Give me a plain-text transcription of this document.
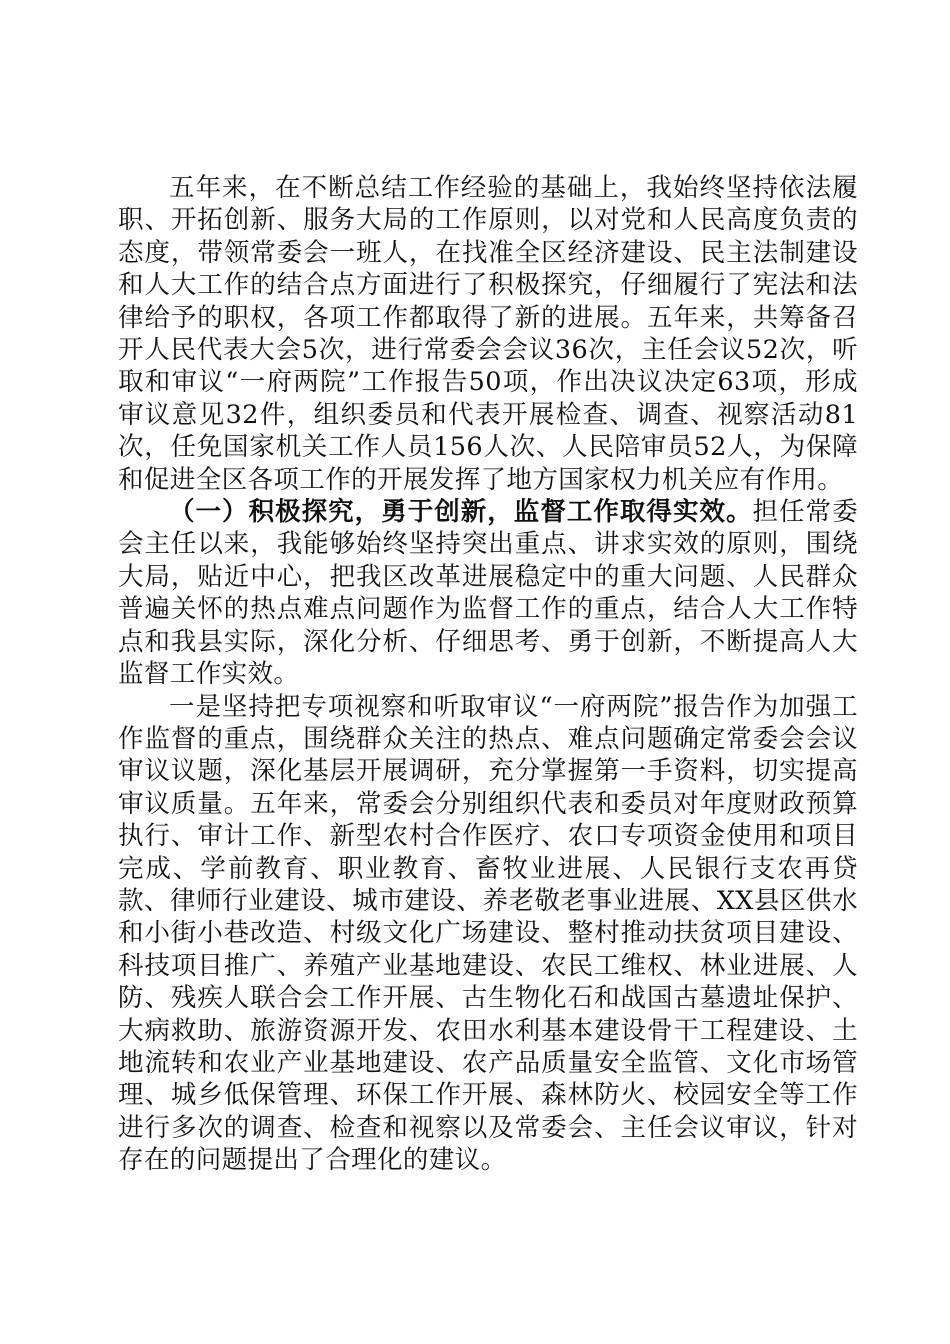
五年来，在不断总结工作经验的基础上，我始终坚持依法履职、开拓创新、服务大局的工作原则，以对党和人民高度负责的态度，带领常委会一班人，在找准全区经济建设、民主法制建设和人大工作的结合点方面进行了积极探究，仔细履行了宪法和法律给予的职权，各项工作都取得了新的进展。五年来，共筹备召开人民代表大会5次，进行常委会会议36次，主任会议52次，听取和审议“一府两院”工作报告50项，作出决议决定63项，形成审议意见32件，组织委员和代表开展检查、调查、视察活动81次，任免国家机关工作人员156人次、人民陪审员52人，为保障和促进全区各项工作的开展发挥了地方国家权力机关应有作用。

（一）积极探究，勇于创新，监督工作取得实效。担任常委会主任以来，我能够始终坚持突出重点、讲求实效的原则，围绕大局，贴近中心，把我区改革进展稳定中的重大问题、人民群众普遍关怀的热点难点问题作为监督工作的重点，结合人大工作特点和我县实际，深化分析、仔细思考、勇于创新，不断提高人大监督工作实效。

一是坚持把专项视察和听取审议“一府两院”报告作为加强工作监督的重点，围绕群众关注的热点、难点问题确定常委会会议审议议题，深化基层开展调研，充分掌握第一手资料，切实提高审议质量。五年来，常委会分别组织代表和委员对年度财政预算执行、审计工作、新型农村合作医疗、农口专项资金使用和项目完成、学前教育、职业教育、畜牧业进展、人民银行支农再贷款、律师行业建设、城市建设、养老敬老事业进展、XX县区供水和小街小巷改造、村级文化广场建设、整村推动扶贫项目建设、科技项目推广、养殖产业基地建设、农民工维权、林业进展、人防、残疾人联合会工作开展、古生物化石和战国古墓遗址保护、大病救助、旅游资源开发、农田水利基本建设骨干工程建设、土地流转和农业产业基地建设、农产品质量安全监管、文化市场管理、城乡低保管理、环保工作开展、森林防火、校园安全等工作进行多次的调查、检查和视察以及常委会、主任会议审议，针对存在的问题提出了合理化的建议。
